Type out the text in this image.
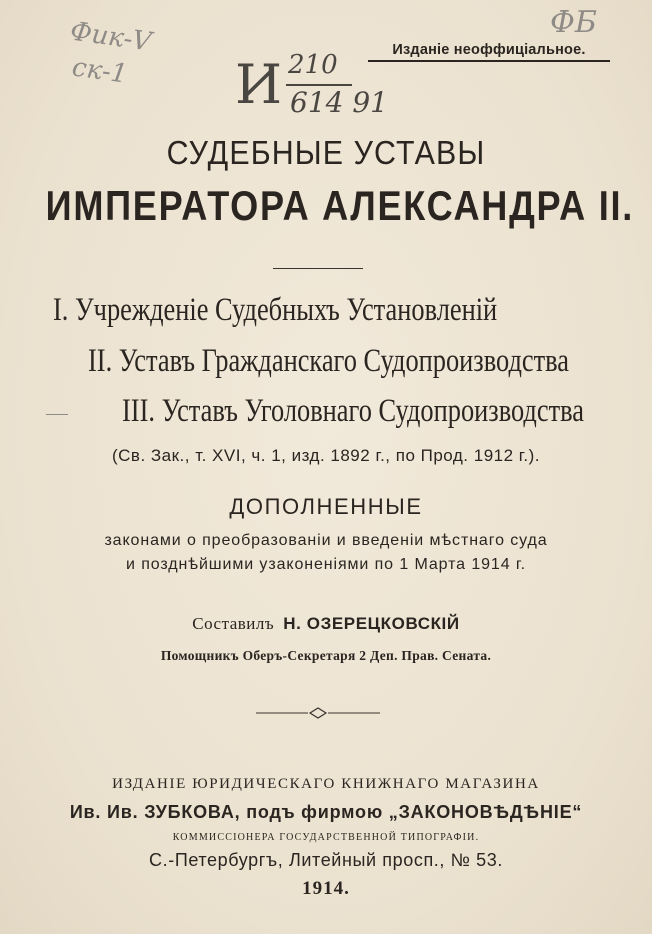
Фик-V
ск-1
ФБ
И 210
614 91
Изданіе неоффиціальное.
СУДЕБНЫЕ УСТАВЫ
ИМПЕРАТОРА АЛЕКСАНДРА II.
I. Учрежденіе Судебныхъ Установленій
II. Уставъ Гражданскаго Судопроизводства
III. Уставъ Уголовнаго Судопроизводства
(Св. Зак., т. XVI, ч. 1, изд. 1892 г., по Прод. 1912 г.).
ДОПОЛНЕННЫЕ
законами о преобразованіи и введеніи мѣстнаго суда
и позднѣйшими узаконеніями по 1 Марта 1914 г.
Составилъ Н. ОЗЕРЕЦКОВСКІЙ
Помощникъ Оберъ-Секретаря 2 Деп. Прав. Сената.
ИЗДАНІЕ ЮРИДИЧЕСКАГО КНИЖНАГО МАГАЗИНА
Ив. Ив. ЗУБКОВА, подъ фирмою „ЗАКОНОВѢДѢНІЕ“
КОММИССІОНЕРА ГОСУДАРСТВЕННОЙ ТИПОГРАФІИ.
С.-Петербургъ, Литейный просп., № 53.
1914.
